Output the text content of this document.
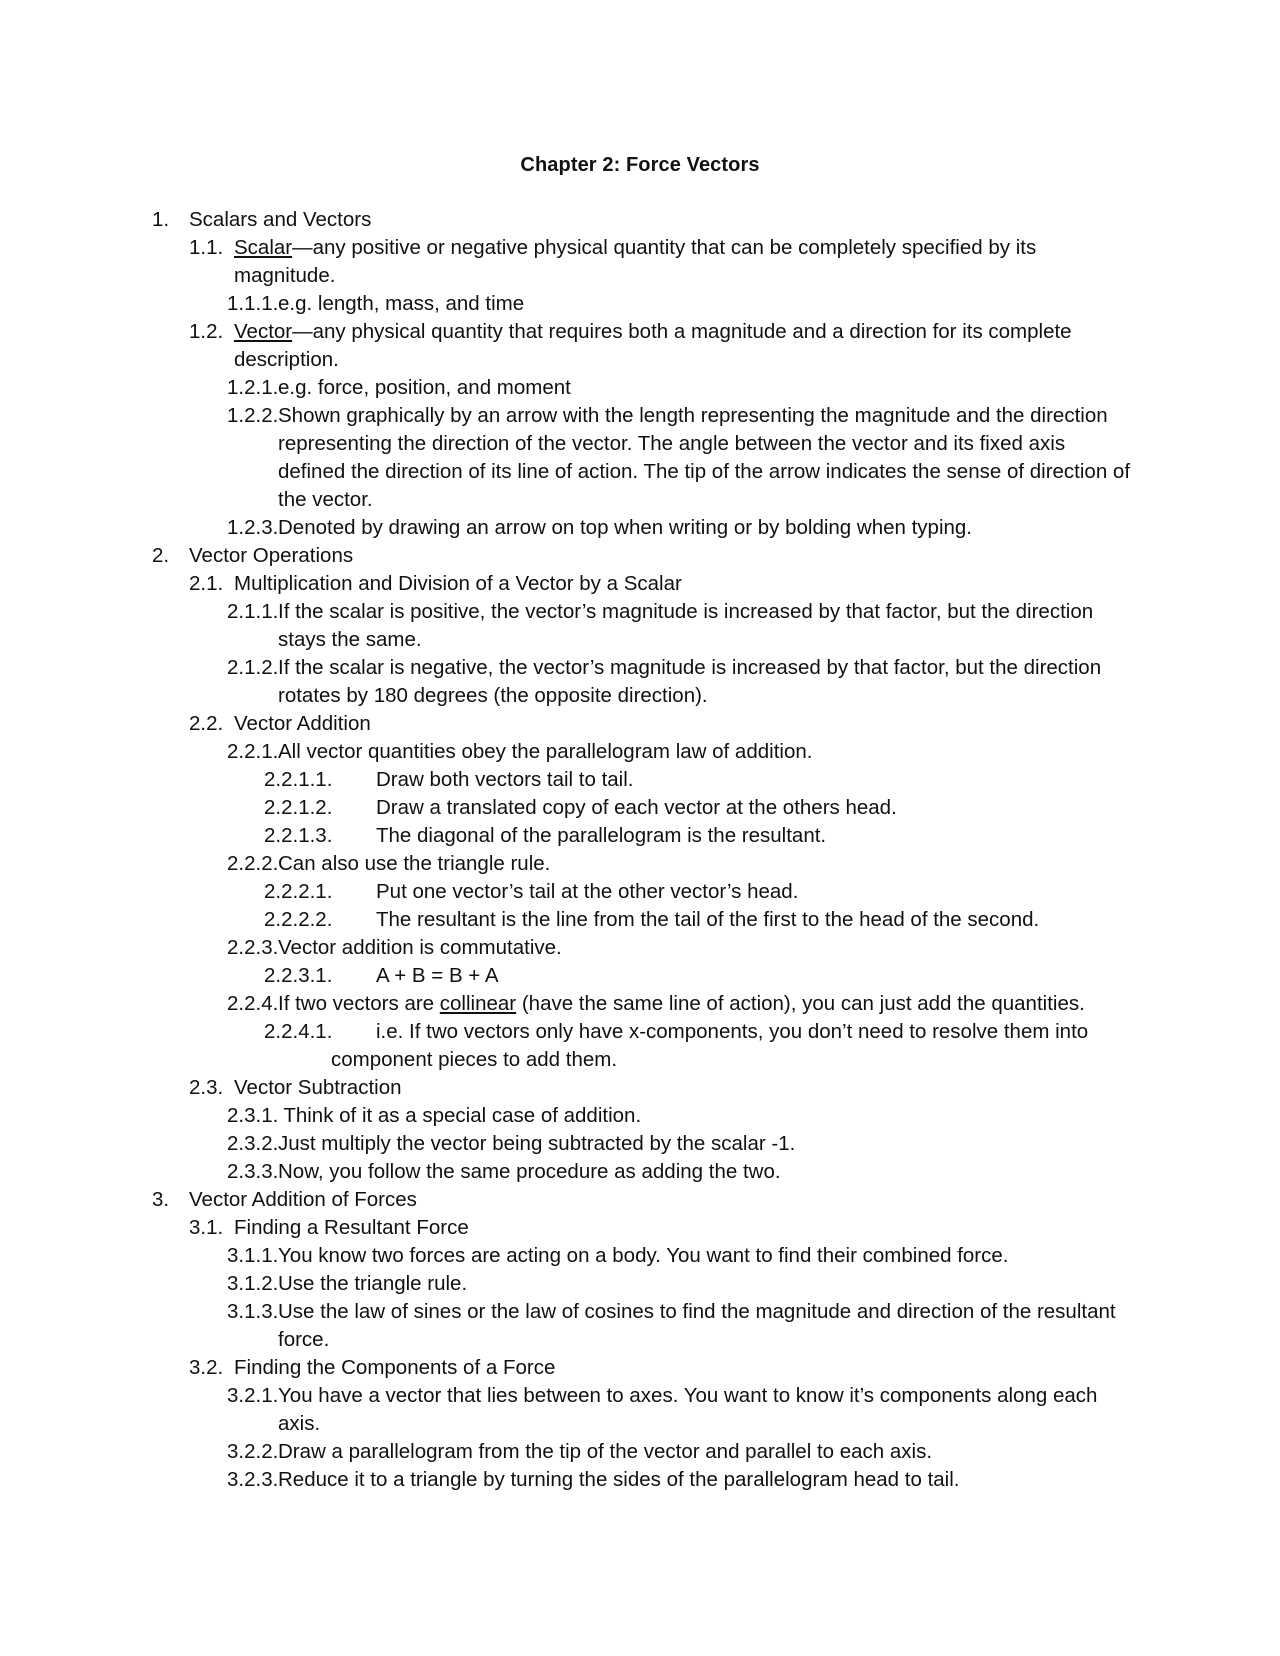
Chapter 2: Force Vectors
1. Scalars and Vectors
1.1. Scalar—any positive or negative physical quantity that can be completely specified by its magnitude.
1.1.1. e.g. length, mass, and time
1.2. Vector—any physical quantity that requires both a magnitude and a direction for its complete description.
1.2.1. e.g. force, position, and moment
1.2.2. Shown graphically by an arrow with the length representing the magnitude and the direction representing the direction of the vector. The angle between the vector and its fixed axis defined the direction of its line of action. The tip of the arrow indicates the sense of direction of the vector.
1.2.3. Denoted by drawing an arrow on top when writing or by bolding when typing.
2. Vector Operations
2.1. Multiplication and Division of a Vector by a Scalar
2.1.1. If the scalar is positive, the vector’s magnitude is increased by that factor, but the direction stays the same.
2.1.2. If the scalar is negative, the vector’s magnitude is increased by that factor, but the direction rotates by 180 degrees (the opposite direction).
2.2. Vector Addition
2.2.1. All vector quantities obey the parallelogram law of addition.
2.2.1.1.	Draw both vectors tail to tail.
2.2.1.2.	Draw a translated copy of each vector at the others head.
2.2.1.3.	The diagonal of the parallelogram is the resultant.
2.2.2. Can also use the triangle rule.
2.2.2.1.	Put one vector’s tail at the other vector’s head.
2.2.2.2.	The resultant is the line from the tail of the first to the head of the second.
2.2.3. Vector addition is commutative.
2.2.3.1.	A + B = B + A
2.2.4. If two vectors are collinear (have the same line of action), you can just add the quantities.
2.2.4.1.	i.e. If two vectors only have x-components, you don’t need to resolve them into
component pieces to add them.
2.3. Vector Subtraction
2.3.1. Think of it as a special case of addition.
2.3.2. Just multiply the vector being subtracted by the scalar -1.
2.3.3. Now, you follow the same procedure as adding the two.
3. Vector Addition of Forces
3.1. Finding a Resultant Force
3.1.1. You know two forces are acting on a body. You want to find their combined force.
3.1.2. Use the triangle rule.
3.1.3. Use the law of sines or the law of cosines to find the magnitude and direction of the resultant force.
3.2. Finding the Components of a Force
3.2.1. You have a vector that lies between to axes. You want to know it’s components along each axis.
3.2.2. Draw a parallelogram from the tip of the vector and parallel to each axis.
3.2.3. Reduce it to a triangle by turning the sides of the parallelogram head to tail.
